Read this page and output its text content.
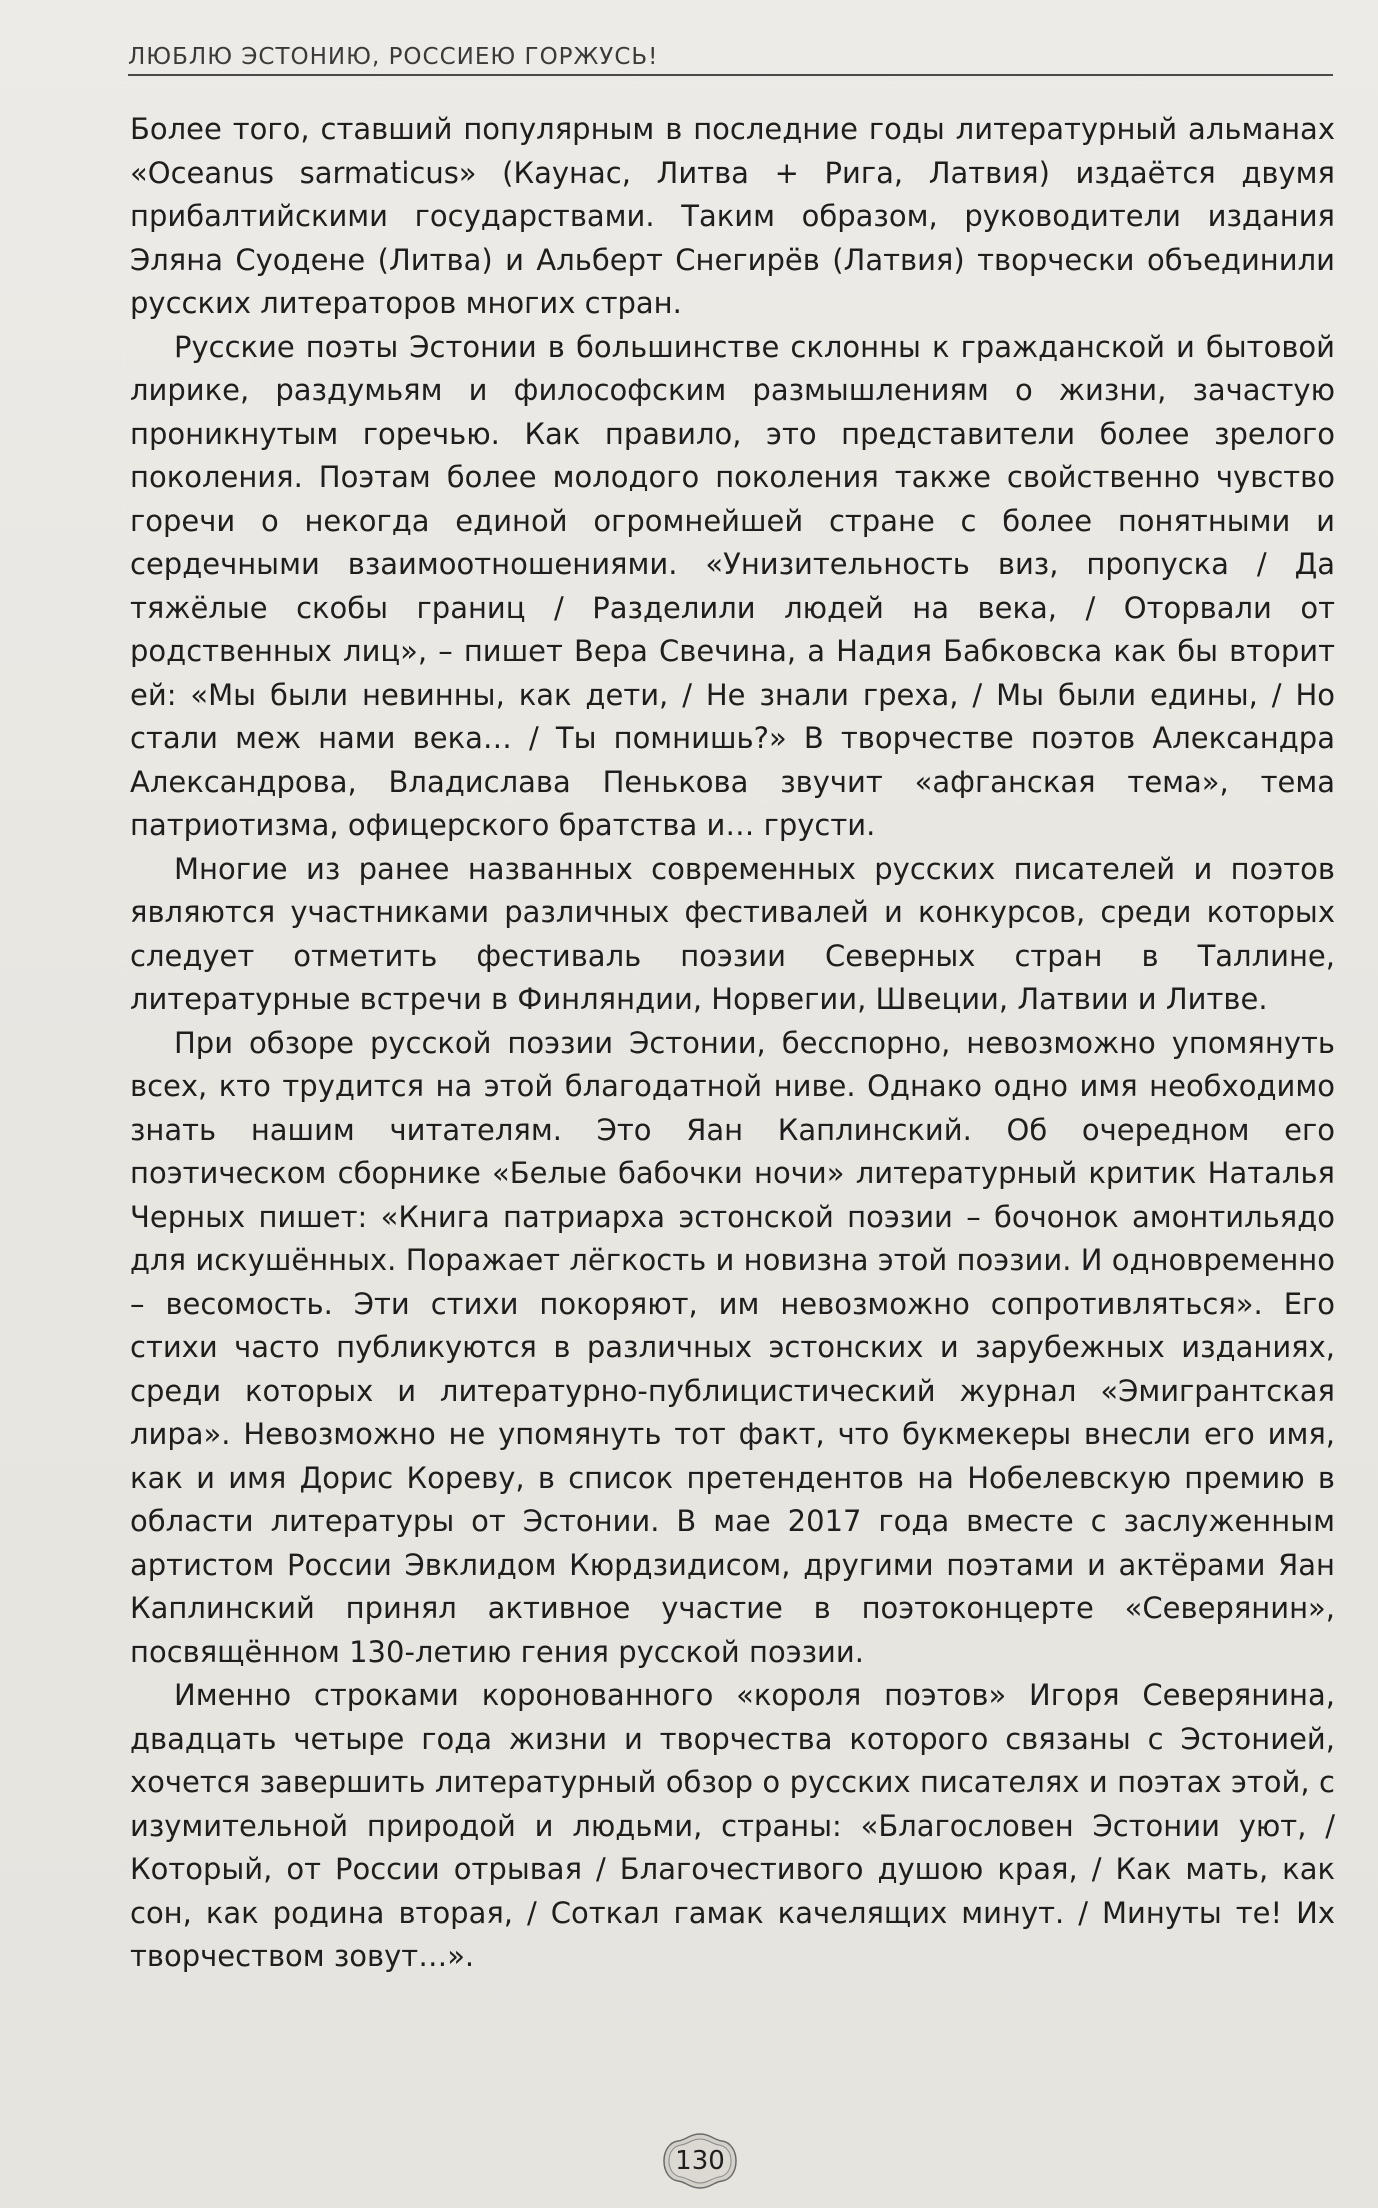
ЛЮБЛЮ ЭСТОНИЮ, РОССИЕЮ ГОРЖУСЬ!

Более того, ставший популярным в последние годы литературный альманах «Oceanus sarmaticus» (Каунас, Литва + Рига, Латвия) издаётся двумя прибалтийскими государствами. Таким образом, руководители издания Эляна Суодене (Литва) и Альберт Снегирёв (Латвия) творчески объединили русских литераторов многих стран.

Русские поэты Эстонии в большинстве склонны к гражданской и бытовой лирике, раздумьям и философским размышлениям о жизни, зачастую проникнутым горечью. Как правило, это представители более зрелого поколения. Поэтам более молодого поколения также свойственно чувство горечи о некогда единой огромнейшей стране с более понятными и сердечными взаимоотношениями. «Унизительность виз, пропуска / Да тяжёлые скобы границ / Разделили людей на века, / Оторвали от родственных лиц», – пишет Вера Свечина, а Надия Бабковска как бы вторит ей: «Мы были невинны, как дети, / Не знали греха, / Мы были едины, / Но стали меж нами века… / Ты помнишь?» В творчестве поэтов Александра Александрова, Владислава Пенькова звучит «афганская тема», тема патриотизма, офицерского братства и… грусти.

Многие из ранее названных современных русских писателей и поэтов являются участниками различных фестивалей и конкурсов, среди которых следует отметить фестиваль поэзии Северных стран в Таллине, литературные встречи в Финляндии, Норвегии, Швеции, Латвии и Литве.

При обзоре русской поэзии Эстонии, бесспорно, невозможно упомянуть всех, кто трудится на этой благодатной ниве. Однако одно имя необходимо знать нашим читателям. Это Яан Каплинский. Об очередном его поэтическом сборнике «Белые бабочки ночи» литературный критик Наталья Черных пишет: «Книга патриарха эстонской поэзии – бочонок амонтильядо для искушённых. Поражает лёгкость и новизна этой поэзии. И одновременно – весомость. Эти стихи покоряют, им невозможно сопротивляться». Его стихи часто публикуются в различных эстонских и зарубежных изданиях, среди которых и литературно-публицистический журнал «Эмигрантская лира». Невозможно не упомянуть тот факт, что букмекеры внесли его имя, как и имя Дорис Кореву, в список претендентов на Нобелевскую премию в области литературы от Эстонии. В мае 2017 года вместе с заслуженным артистом России Эвклидом Кюрдзидисом, другими поэтами и актёрами Яан Каплинский принял активное участие в поэтоконцерте «Северянин», посвящённом 130-летию гения русской поэзии.

Именно строками коронованного «короля поэтов» Игоря Северянина, двадцать четыре года жизни и творчества которого связаны с Эстонией, хочется завершить литературный обзор о русских писателях и поэтах этой, с изумительной природой и людьми, страны: «Благословен Эстонии уют, / Который, от России отрывая / Благочестивого душою края, / Как мать, как сон, как родина вторая, / Соткал гамак качелящих минут. / Минуты те! Их творчеством зовут…».

130
